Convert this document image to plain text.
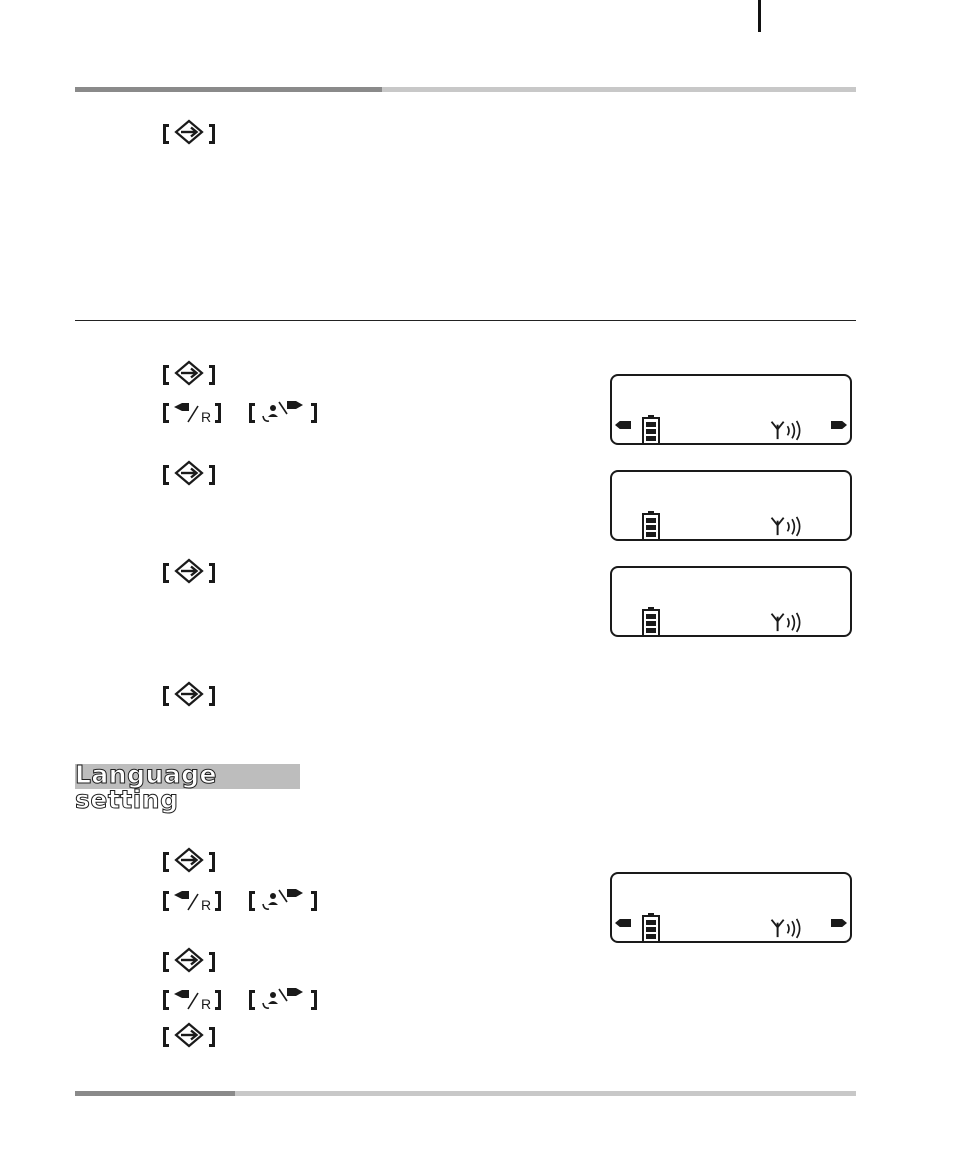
R
Language setting
R
R
